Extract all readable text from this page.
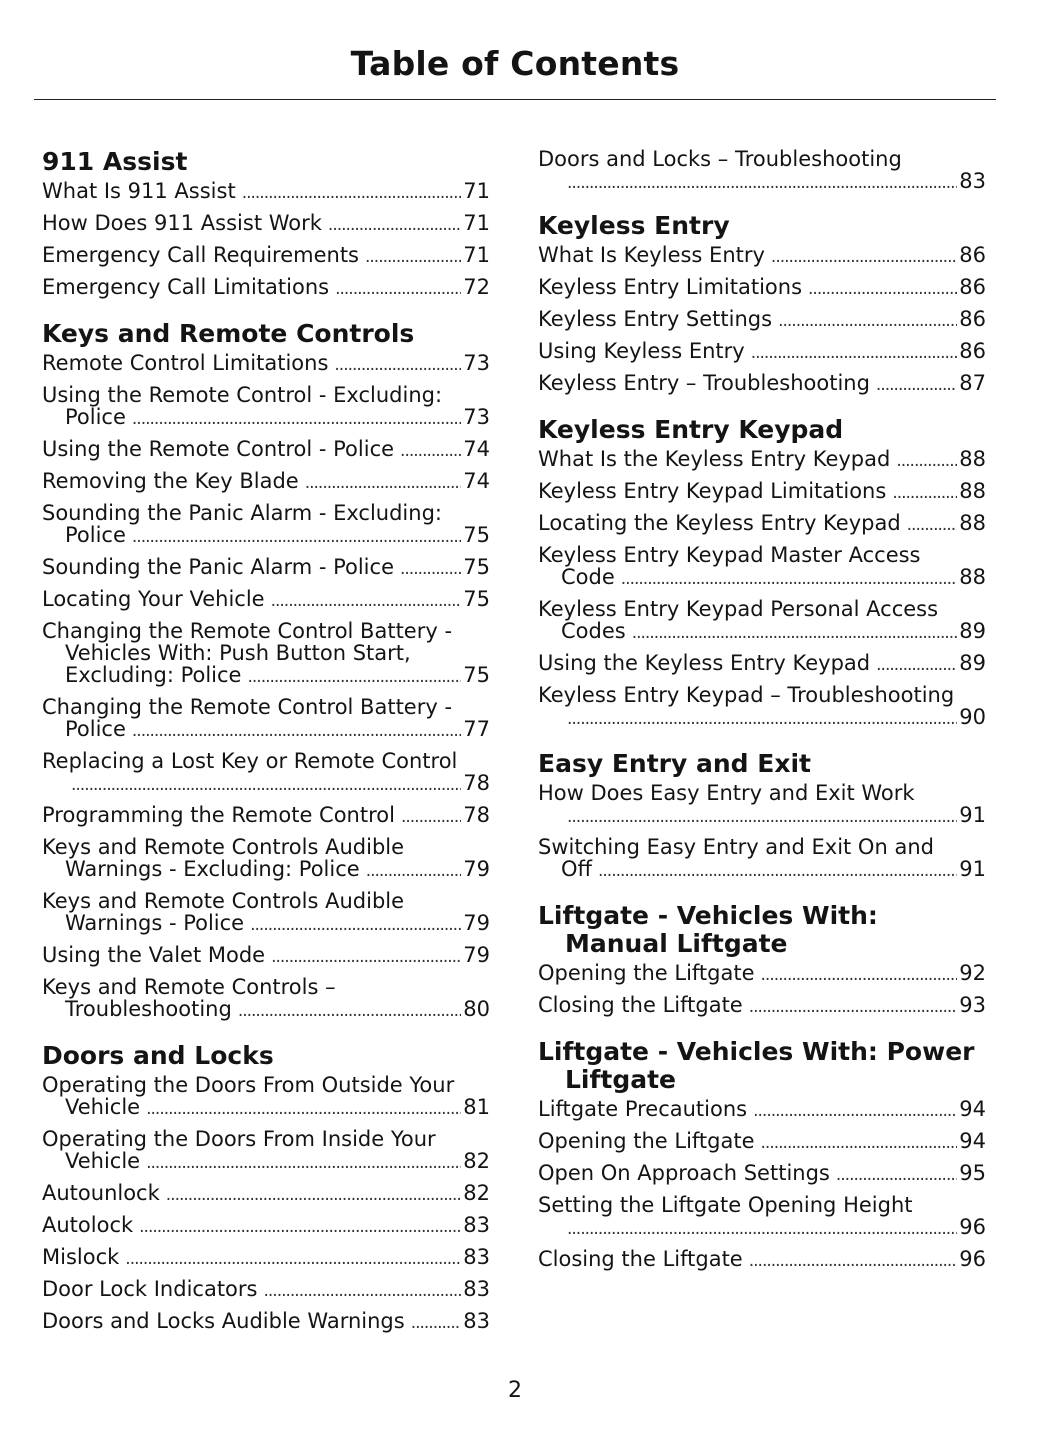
Table of Contents
911 Assist
What Is 911 Assist .....	71
How Does 911 Assist Work .....	71
Emergency Call Requirements .....	71
Emergency Call Limitations .....	72
Keys and Remote Controls
Remote Control Limitations .....	73
Using the Remote Control - Excluding:
Police .....	73
Using the Remote Control - Police .....	74
Removing the Key Blade .....	74
Sounding the Panic Alarm - Excluding:
Police .....	75
Sounding the Panic Alarm - Police .....	75
Locating Your Vehicle .....	75
Changing the Remote Control Battery -
Vehicles With: Push Button Start,
Excluding: Police .....	75
Changing the Remote Control Battery -
Police .....	77
Replacing a Lost Key or Remote Control
.....
78
Programming the Remote Control .....	78
Keys and Remote Controls Audible
Warnings - Excluding: Police .....	79
Keys and Remote Controls Audible
Warnings - Police .....	79
Using the Valet Mode .....	79
Keys and Remote Controls –
Troubleshooting .....	80
Doors and Locks
Operating the Doors From Outside Your
Vehicle .....	81
Operating the Doors From Inside Your
Vehicle .....	82
Autounlock .....	82
Autolock .....	83
Mislock .....	83
Door Lock Indicators .....	83
Doors and Locks Audible Warnings .....	83
Doors and Locks – Troubleshooting
.....
83
Keyless Entry
What Is Keyless Entry .....	86
Keyless Entry Limitations .....	86
Keyless Entry Settings .....	86
Using Keyless Entry .....	86
Keyless Entry – Troubleshooting .....	87
Keyless Entry Keypad
What Is the Keyless Entry Keypad .....	88
Keyless Entry Keypad Limitations .....	88
Locating the Keyless Entry Keypad .....	88
Keyless Entry Keypad Master Access
Code .....	88
Keyless Entry Keypad Personal Access
Codes .....	89
Using the Keyless Entry Keypad .....	89
Keyless Entry Keypad – Troubleshooting
.....
90
Easy Entry and Exit
How Does Easy Entry and Exit Work
.....
91
Switching Easy Entry and Exit On and
Off .....	91
Liftgate - Vehicles With: Manual Liftgate
Opening the Liftgate .....	92
Closing the Liftgate .....	93
Liftgate - Vehicles With: Power Liftgate
Liftgate Precautions .....	94
Opening the Liftgate .....	94
Open On Approach Settings .....	95
Setting the Liftgate Opening Height
.....
96
Closing the Liftgate .....	96
2
